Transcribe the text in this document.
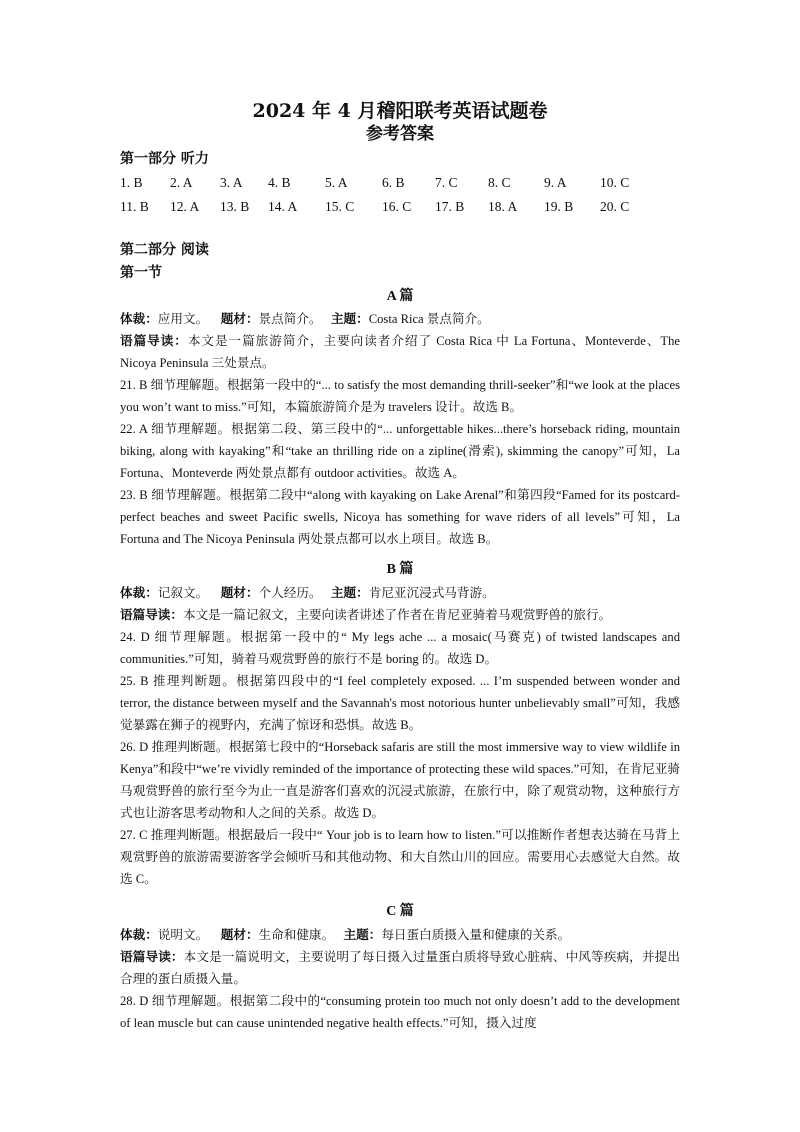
2024 年 4 月稽阳联考英语试题卷
参考答案
第一部分 听力
1. B 2. A 3. A 4. B	5. A	6. B 7. C 8. C 9. A 10. C
11. B 12. A 13. B 14. A 15. C 16. C 17. B 18. A 19. B 20. C
第二部分 阅读
第一节
A 篇

体裁：应用文。 题材：景点简介。 主题：Costa Rica 景点简介。

语篇导读：本文是一篇旅游简介，主要向读者介绍了 Costa Rica 中 La Fortuna、Monteverde、The Nicoya Peninsula 三处景点。

21. B 细节理解题。根据第一段中的“... to satisfy the most demanding thrill-seeker”和“we look at the places you won’t want to miss.”可知，本篇旅游简介是为 travelers 设计。故选 B。

22. A 细节理解题。根据第二段、第三段中的“... unforgettable hikes...there’s horseback riding, mountain biking, along with kayaking”和“take an thrilling ride on a zipline(滑索), skimming the canopy”可知，La Fortuna、Monteverde 两处景点都有 outdoor activities。故选 A。

23. B 细节理解题。根据第二段中“along with kayaking on Lake Arenal”和第四段“Famed for its postcard-perfect beaches and sweet Pacific swells, Nicoya has something for wave riders of all levels”可知，La Fortuna and The Nicoya Peninsula 两处景点都可以水上项目。故选 B。

B 篇

体裁：记叙文。 题材：个人经历。 主题：肯尼亚沉浸式马背游。

语篇导读：本文是一篇记叙文，主要向读者讲述了作者在肯尼亚骑着马观赏野兽的旅行。

24. D 细节理解题。根据第一段中的“ My legs ache ... a mosaic(马赛克) of twisted landscapes and communities.”可知，骑着马观赏野兽的旅行不是 boring 的。故选 D。

25. B 推理判断题。根据第四段中的“I feel completely exposed. ... I’m suspended between wonder and terror, the distance between myself and the Savannah's most notorious hunter unbelievably small”可知，我感觉暴露在狮子的视野内，充满了惊讶和恐惧。故选 B。

26. D 推理判断题。根据第七段中的“Horseback safaris are still the most immersive way to view wildlife in Kenya”和段中“we’re vividly reminded of the importance of protecting these wild spaces.”可知，在肯尼亚骑马观赏野兽的旅行至今为止一直是游客们喜欢的沉浸式旅游，在旅行中，除了观赏动物，这种旅行方式也让游客思考动物和人之间的关系。故选 D。

27. C 推理判断题。根据最后一段中“ Your job is to learn how to listen.”可以推断作者想表达骑在马背上观赏野兽的旅游需要游客学会倾听马和其他动物、和大自然山川的回应。需要用心去感觉大自然。故选 C。

C 篇

体裁：说明文。 题材：生命和健康。 主题：每日蛋白质摄入量和健康的关系。

语篇导读：本文是一篇说明文，主要说明了每日摄入过量蛋白质将导致心脏病、中风等疾病，并提出合理的蛋白质摄入量。

28. D 细节理解题。根据第二段中的“consuming protein too much not only doesn’t add to the development of lean muscle but can cause unintended negative health effects.”可知，摄入过度
